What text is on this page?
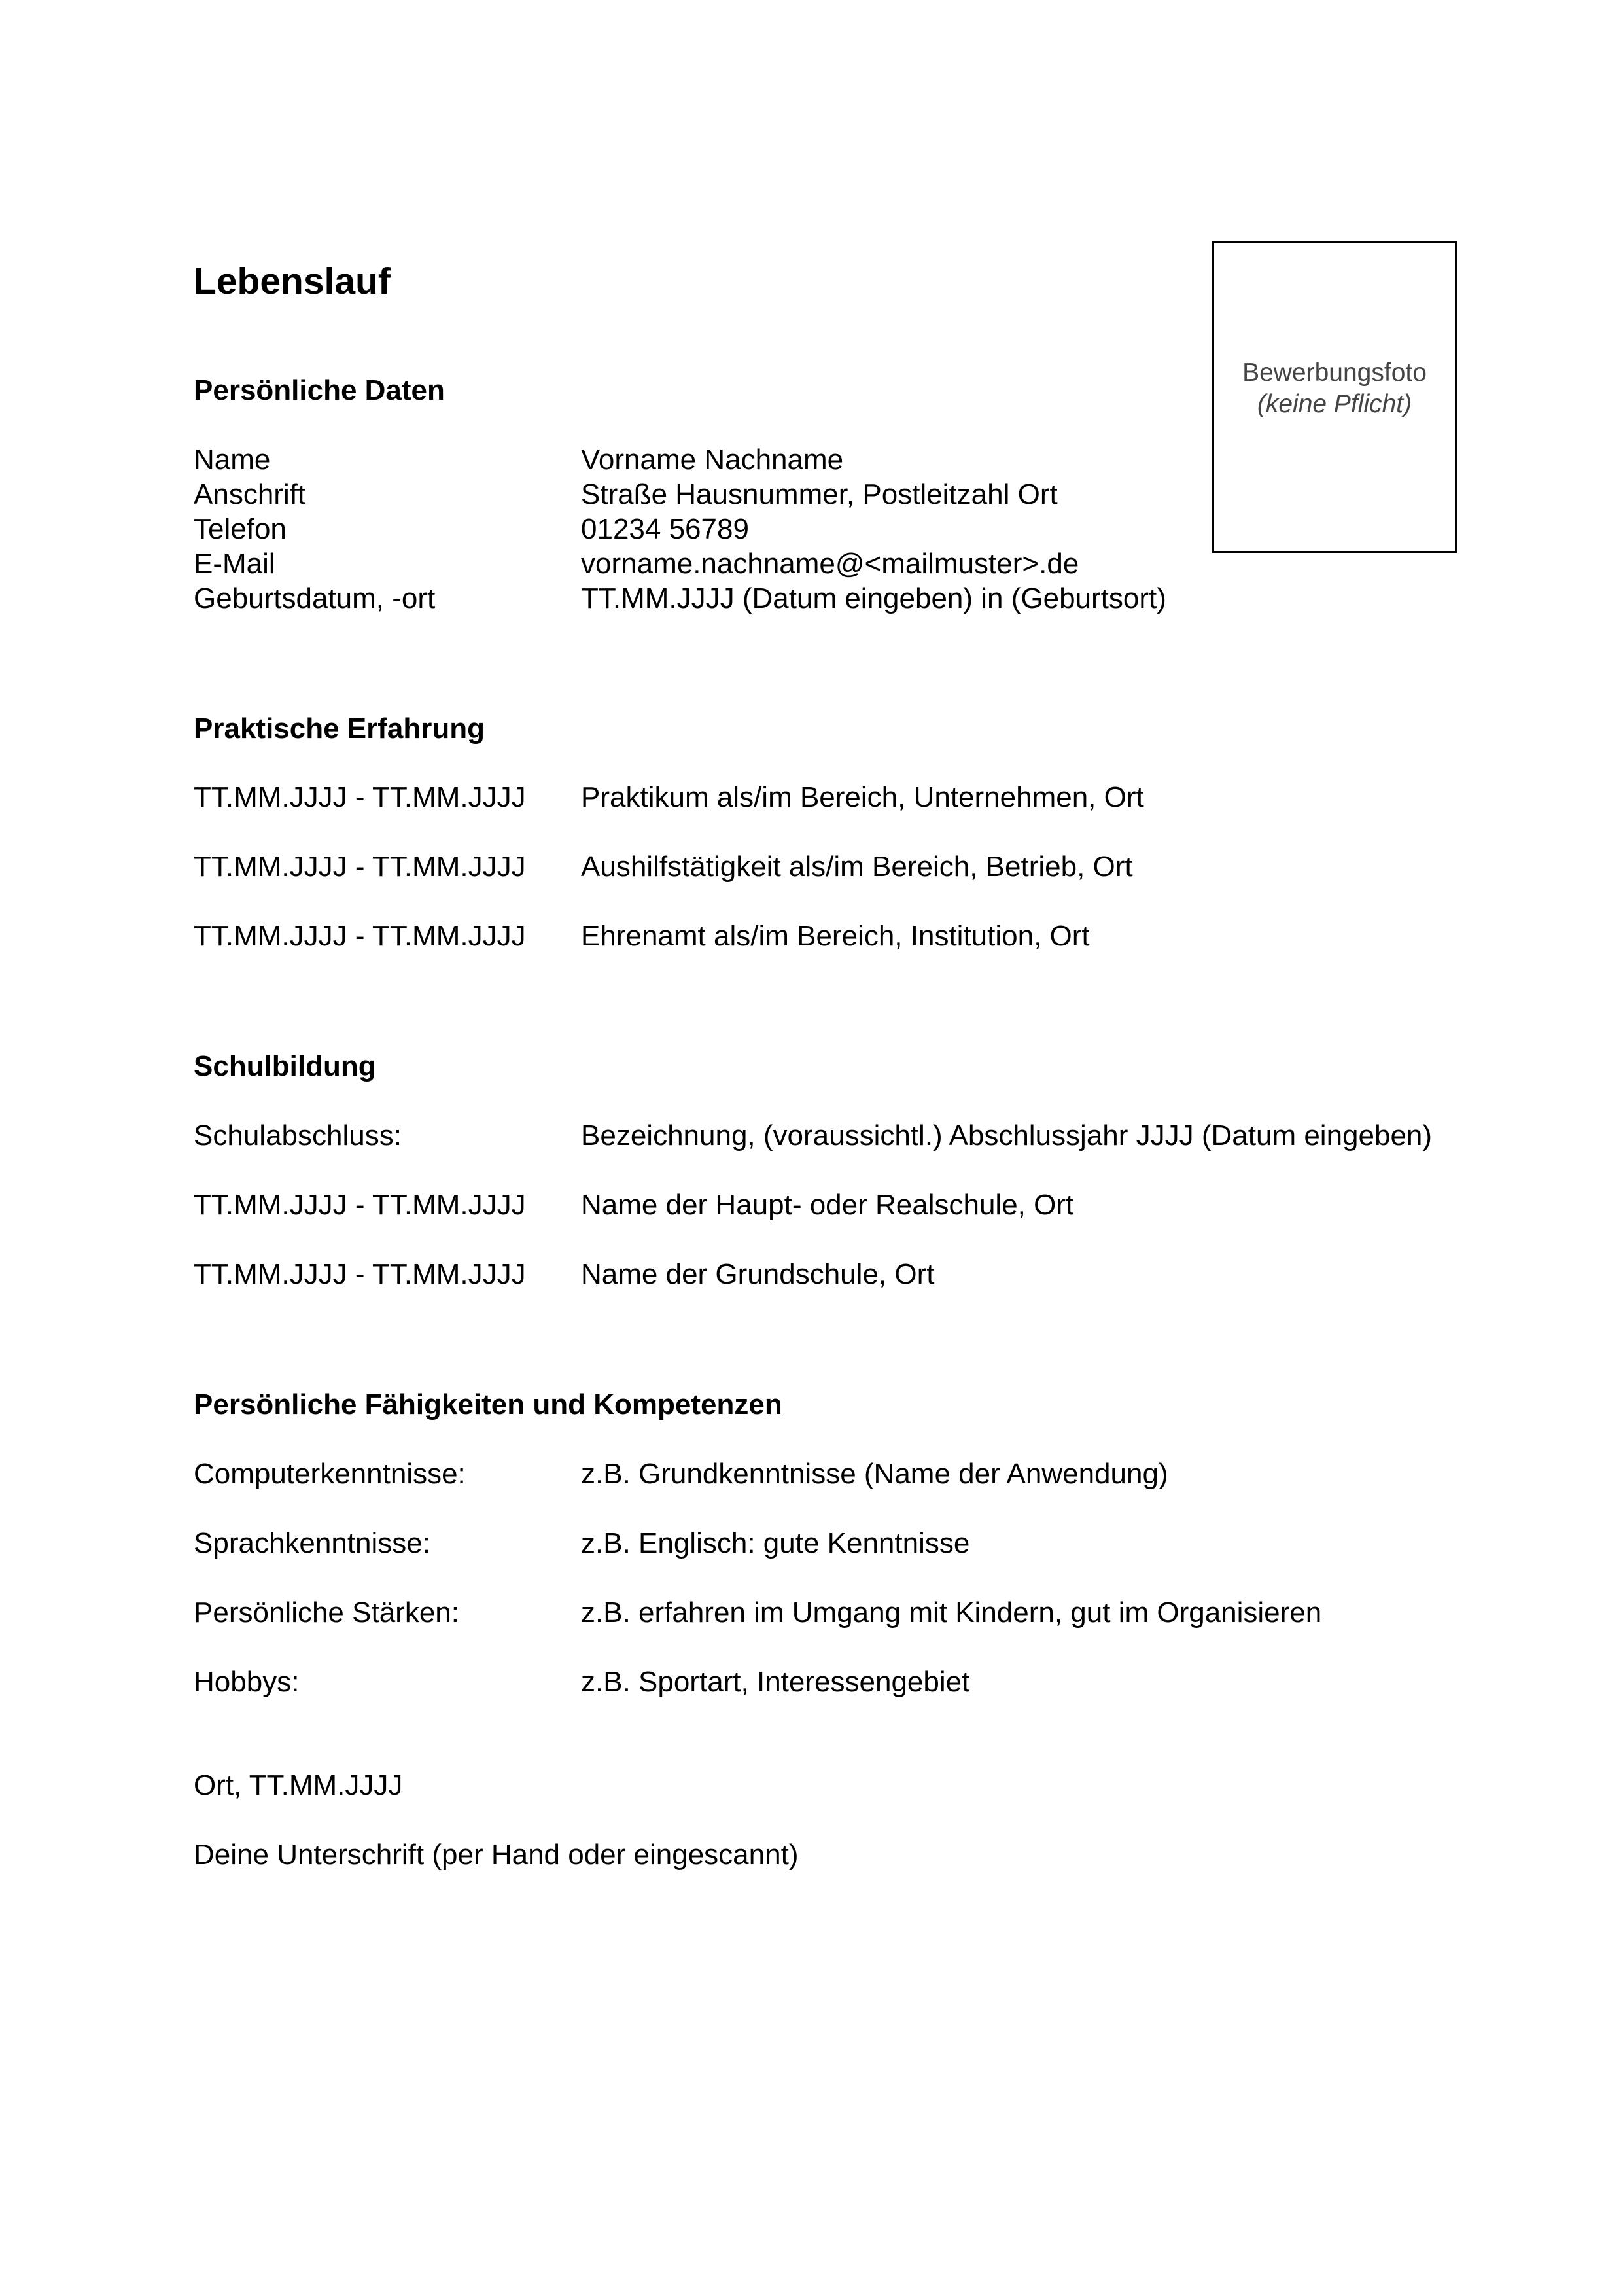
Lebenslauf
Bewerbungsfoto
(keine Pflicht)
Persönliche Daten
Name	Vorname Nachname
Anschrift	Straße Hausnummer, Postleitzahl Ort
Telefon	01234 56789
E-Mail	vorname.nachname@<mailmuster>.de
Geburtsdatum, -ort	TT.MM.JJJJ (Datum eingeben) in (Geburtsort)
Praktische Erfahrung
TT.MM.JJJJ - TT.MM.JJJJ Praktikum als/im Bereich, Unternehmen, Ort
TT.MM.JJJJ - TT.MM.JJJJ Aushilfstätigkeit als/im Bereich, Betrieb, Ort
TT.MM.JJJJ - TT.MM.JJJJ Ehrenamt als/im Bereich, Institution, Ort
Schulbildung
Schulabschluss:	Bezeichnung, (voraussichtl.) Abschlussjahr JJJJ (Datum eingeben)
TT.MM.JJJJ - TT.MM.JJJJ Name der Haupt- oder Realschule, Ort
TT.MM.JJJJ - TT.MM.JJJJ Name der Grundschule, Ort
Persönliche Fähigkeiten und Kompetenzen
Computerkenntnisse:	z.B. Grundkenntnisse (Name der Anwendung)
Sprachkenntnisse:	z.B. Englisch: gute Kenntnisse
Persönliche Stärken:	z.B. erfahren im Umgang mit Kindern, gut im Organisieren
Hobbys:	z.B. Sportart, Interessengebiet
Ort, TT.MM.JJJJ
Deine Unterschrift (per Hand oder eingescannt)
